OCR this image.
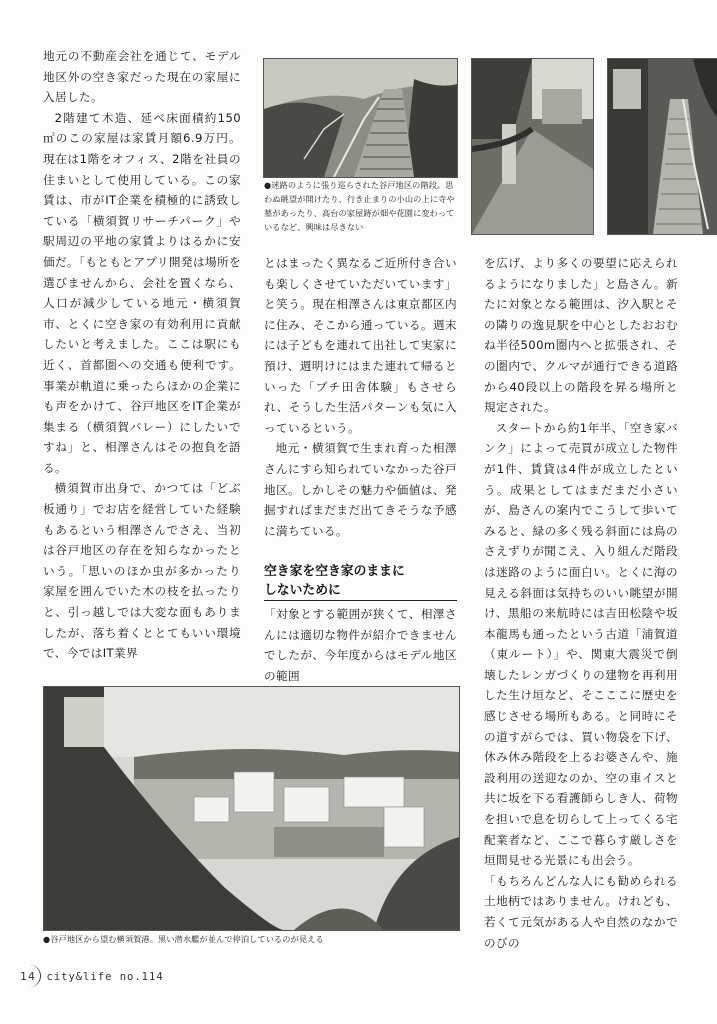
●迷路のように張り巡らされた谷戸地区の階段。思わぬ眺望が開けたり、行き止まりの小山の上に寺や墓があったり、高台の家屋跡が畑や花園に変わっているなど、興味は尽きない
●谷戸地区から望む横須賀港。黒い潜水艦が並んで停泊しているのが見える

地元の不動産会社を通じて、モデル地区外の空き家だった現在の家屋に入居した。

2階建て木造、延べ床面積約150㎡のこの家屋は家賃月額6.9万円。現在は1階をオフィス、2階を社員の住まいとして使用している。この家賃は、市がIT企業を積極的に誘致している「横須賀リサーチパーク」や駅周辺の平地の家賃よりはるかに安価だ。「もともとアプリ開発は場所を選びませんから、会社を置くなら、人口が減少している地元・横須賀市、とくに空き家の有効利用に貢献したいと考えました。ここは駅にも近く、首都圏への交通も便利です。事業が軌道に乗ったらほかの企業にも声をかけて、谷戸地区をIT企業が集まる（横須賀バレー）にしたいですね」と、相澤さんはその抱負を語る。

横須賀市出身で、かつては「どぶ板通り」でお店を経営していた経験もあるという相澤さんでさえ、当初は谷戸地区の存在を知らなかったという。「思いのほか虫が多かったり家屋を囲んでいた木の枝を払ったりと、引っ越しでは大変な面もありましたが、落ち着くととてもいい環境で、今ではIT業界

とはまったく異なるご近所付き合いも楽しくさせていただいています」と笑う。現在相澤さんは東京都区内に住み、そこから通っている。週末には子どもを連れて出社して実家に預け、週明けにはまた連れて帰るといった「プチ田舎体験」もさせられ、そうした生活パターンも気に入っているという。

地元・横須賀で生まれ育った相澤さんにすら知られていなかった谷戸地区。しかしその魅力や価値は、発掘すればまだまだ出てきそうな予感に満ちている。

空き家を空き家のままに
しないために

「対象とする範囲が狭くて、相澤さんには適切な物件が紹介できませんでしたが、今年度からはモデル地区の範囲

を広げ、より多くの要望に応えられるようになりました」と島さん。新たに対象となる範囲は、汐入駅とその隣りの逸見駅を中心としたおおむね半径500m圏内へと拡張され、その圏内で、クルマが通行できる道路から40段以上の階段を昇る場所と規定された。

スタートから約1年半、「空き家バンク」によって売買が成立した物件が1件、賃貸は4件が成立したという。成果としてはまだまだ小さいが、島さんの案内でこうして歩いてみると、緑の多く残る斜面には鳥のさえずりが聞こえ、入り組んだ階段は迷路のように面白い。とくに海の見える斜面は気持ちのいい眺望が開け、黒船の来航時には吉田松陰や坂本龍馬も通ったという古道「浦賀道（東ルート）」や、関東大震災で倒壊したレンガづくりの建物を再利用した生け垣など、そこここに歴史を感じさせる場所もある。と同時にその道すがらでは、買い物袋を下げ、休み休み階段を上るお婆さんや、施設利用の送迎なのか、空の車イスと共に坂を下る看護師らしき人、荷物を担いで息を切らして上ってくる宅配業者など、ここで暮らす厳しさを垣間見せる光景にも出会う。

「もちろんどんな人にも勧められる土地柄ではありません。けれども、若くて元気がある人や自然のなかでのびの

14 city&life no.114
